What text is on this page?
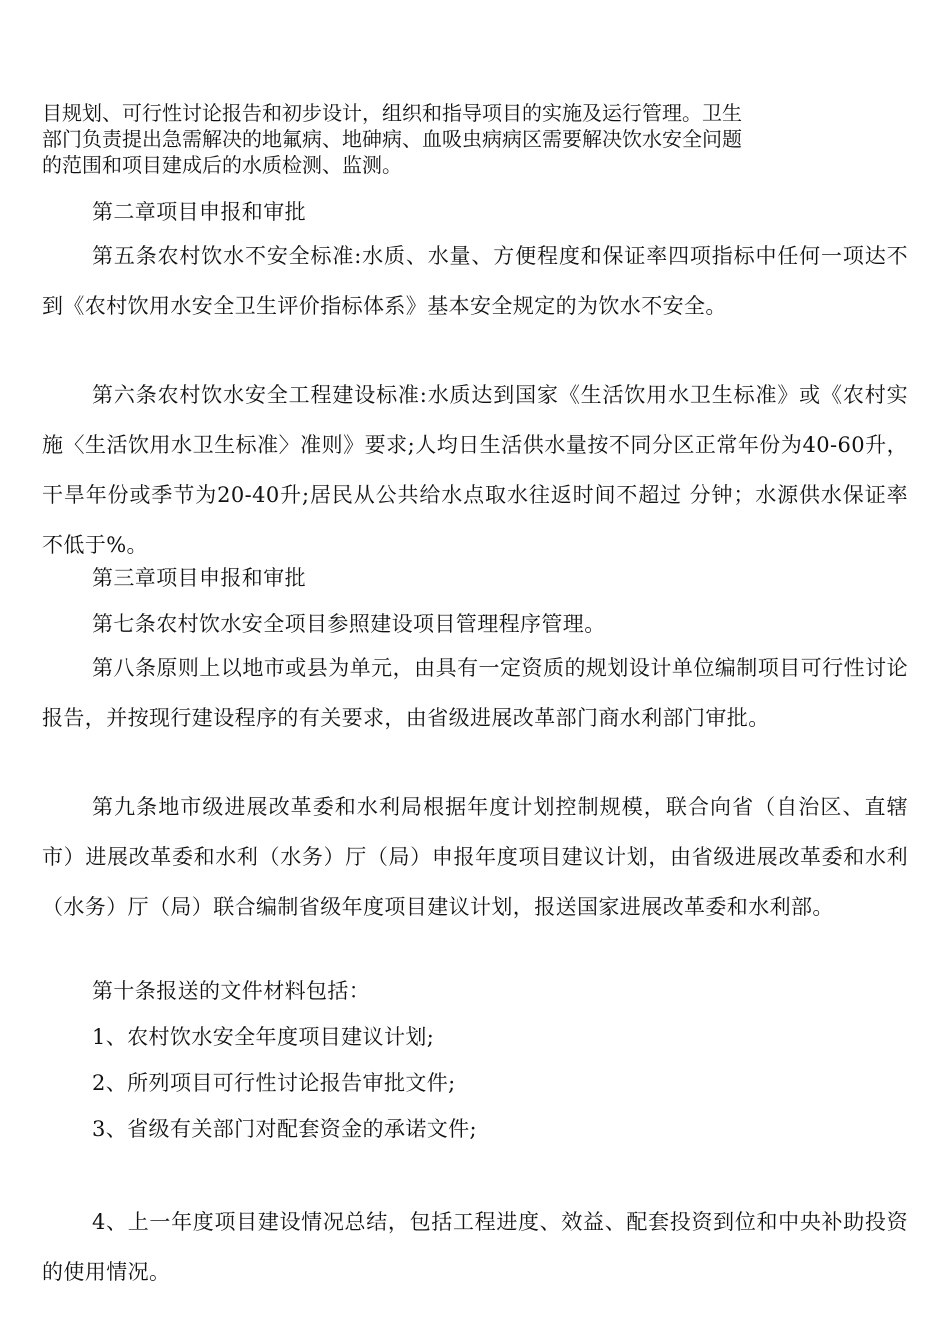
目规划、可行性讨论报告和初步设计，组织和指导项目的实施及运行管理。卫生

部门负责提出急需解决的地氟病、地砷病、血吸虫病病区需要解决饮水安全问题

的范围和项目建成后的水质检测、监测。

第二章项目申报和审批

第五条农村饮水不安全标准:水质、水量、方便程度和保证率四项指标中任何一项达不到《农村饮用水安全卫生评价指标体系》基本安全规定的为饮水不安全。

第六条农村饮水安全工程建设标准:水质达到国家《生活饮用水卫生标准》或《农村实施〈生活饮用水卫生标准〉准则》要求;人均日生活供水量按不同分区正常年份为40-60升，干旱年份或季节为20-40升;居民从公共给水点取水往返时间不超过 分钟；水源供水保证率不低于%。

第三章项目申报和审批

第七条农村饮水安全项目参照建设项目管理程序管理。

第八条原则上以地市或县为单元，由具有一定资质的规划设计单位编制项目可行性讨论报告，并按现行建设程序的有关要求，由省级进展改革部门商水利部门审批。

第九条地市级进展改革委和水利局根据年度计划控制规模，联合向省（自治区、直辖市）进展改革委和水利（水务）厅（局）申报年度项目建议计划，由省级进展改革委和水利（水务）厅（局）联合编制省级年度项目建议计划，报送国家进展改革委和水利部。

第十条报送的文件材料包括：

1、农村饮水安全年度项目建议计划;

2、所列项目可行性讨论报告审批文件;

3、省级有关部门对配套资金的承诺文件;

4、上一年度项目建设情况总结，包括工程进度、效益、配套投资到位和中央补助投资的使用情况。
